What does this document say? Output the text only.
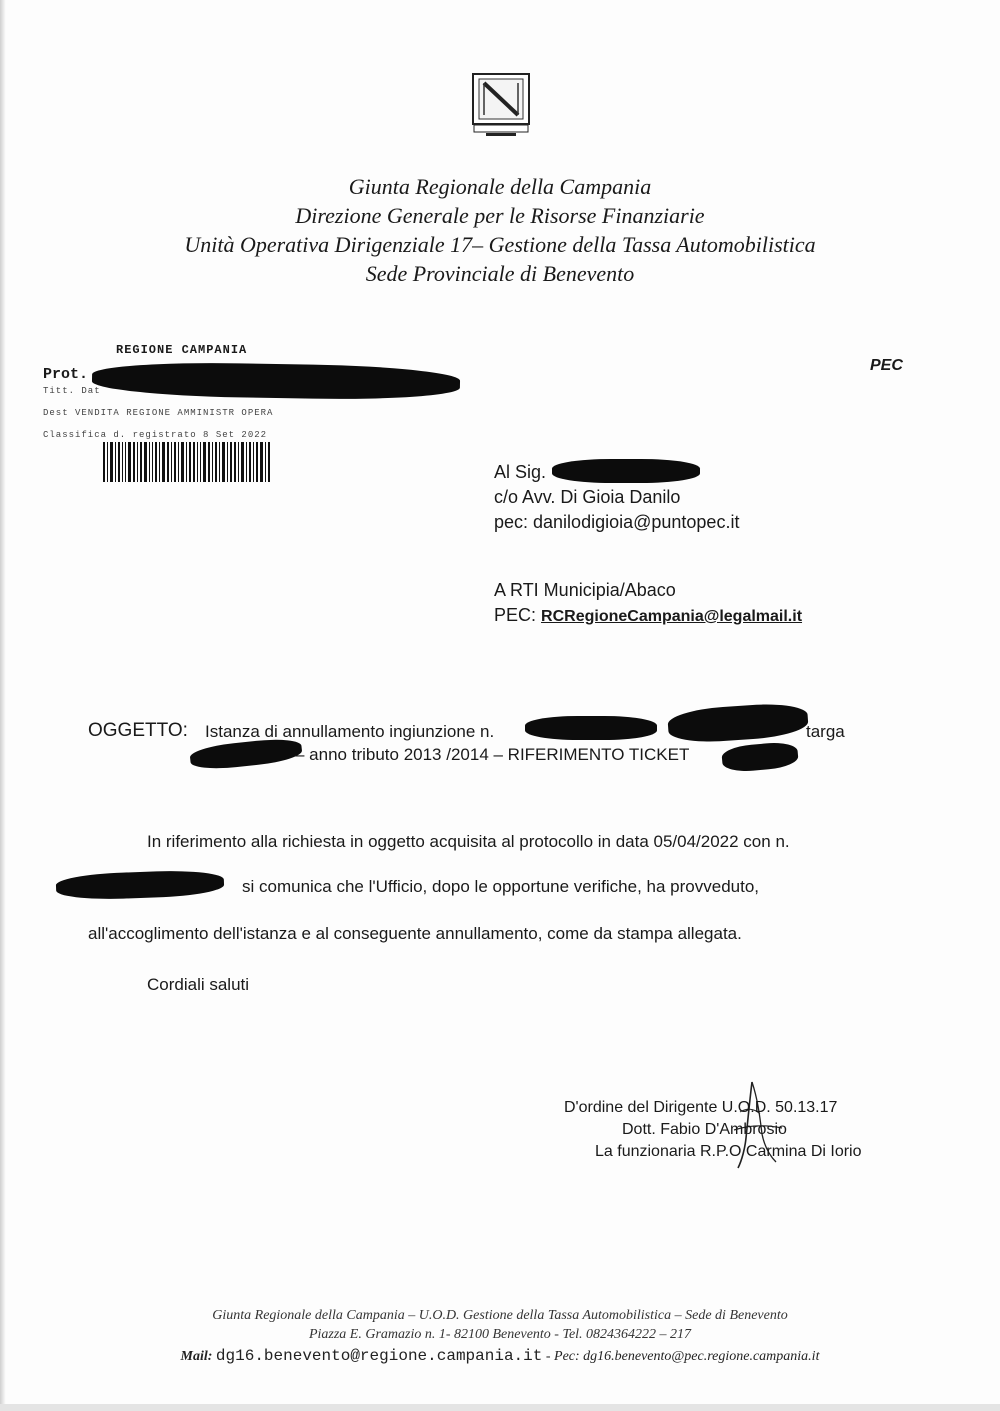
Giunta Regionale della Campania
Direzione Generale per le Risorse Finanziarie
Unità Operativa Dirigenziale 17– Gestione della Tassa Automobilistica
Sede Provinciale di Benevento
REGIONE CAMPANIA
Prot.
Titt. Dat
Dest VENDITA REGIONE AMMINISTR OPERA
Classifica d. registrato 8 Set 2022
PEC
Al Sig.
c/o Avv. Di Gioia Danilo
pec: danilodigioia@puntopec.it
A RTI Municipia/Abaco
PEC: RCRegioneCampania@legalmail.it
OGGETTO: Istanza di annullamento ingiunzione n.	targa
– anno tributo 2013 /2014 – RIFERIMENTO TICKET
In riferimento alla richiesta in oggetto acquisita al protocollo in data 05/04/2022 con n.
si comunica che l'Ufficio, dopo le opportune verifiche, ha provveduto,
all'accoglimento dell'istanza e al conseguente annullamento, come da stampa allegata.
Cordiali saluti
D'ordine del Dirigente U.O.D. 50.13.17
Dott. Fabio D'Ambrosio
La funzionaria R.P.O Carmina Di Iorio
Giunta Regionale della Campania – U.O.D. Gestione della Tassa Automobilistica – Sede di Benevento
Piazza E. Gramazio n. 1- 82100 Benevento - Tel. 0824364222 – 217
Mail: dg16.benevento@regione.campania.it - Pec: dg16.benevento@pec.regione.campania.it
